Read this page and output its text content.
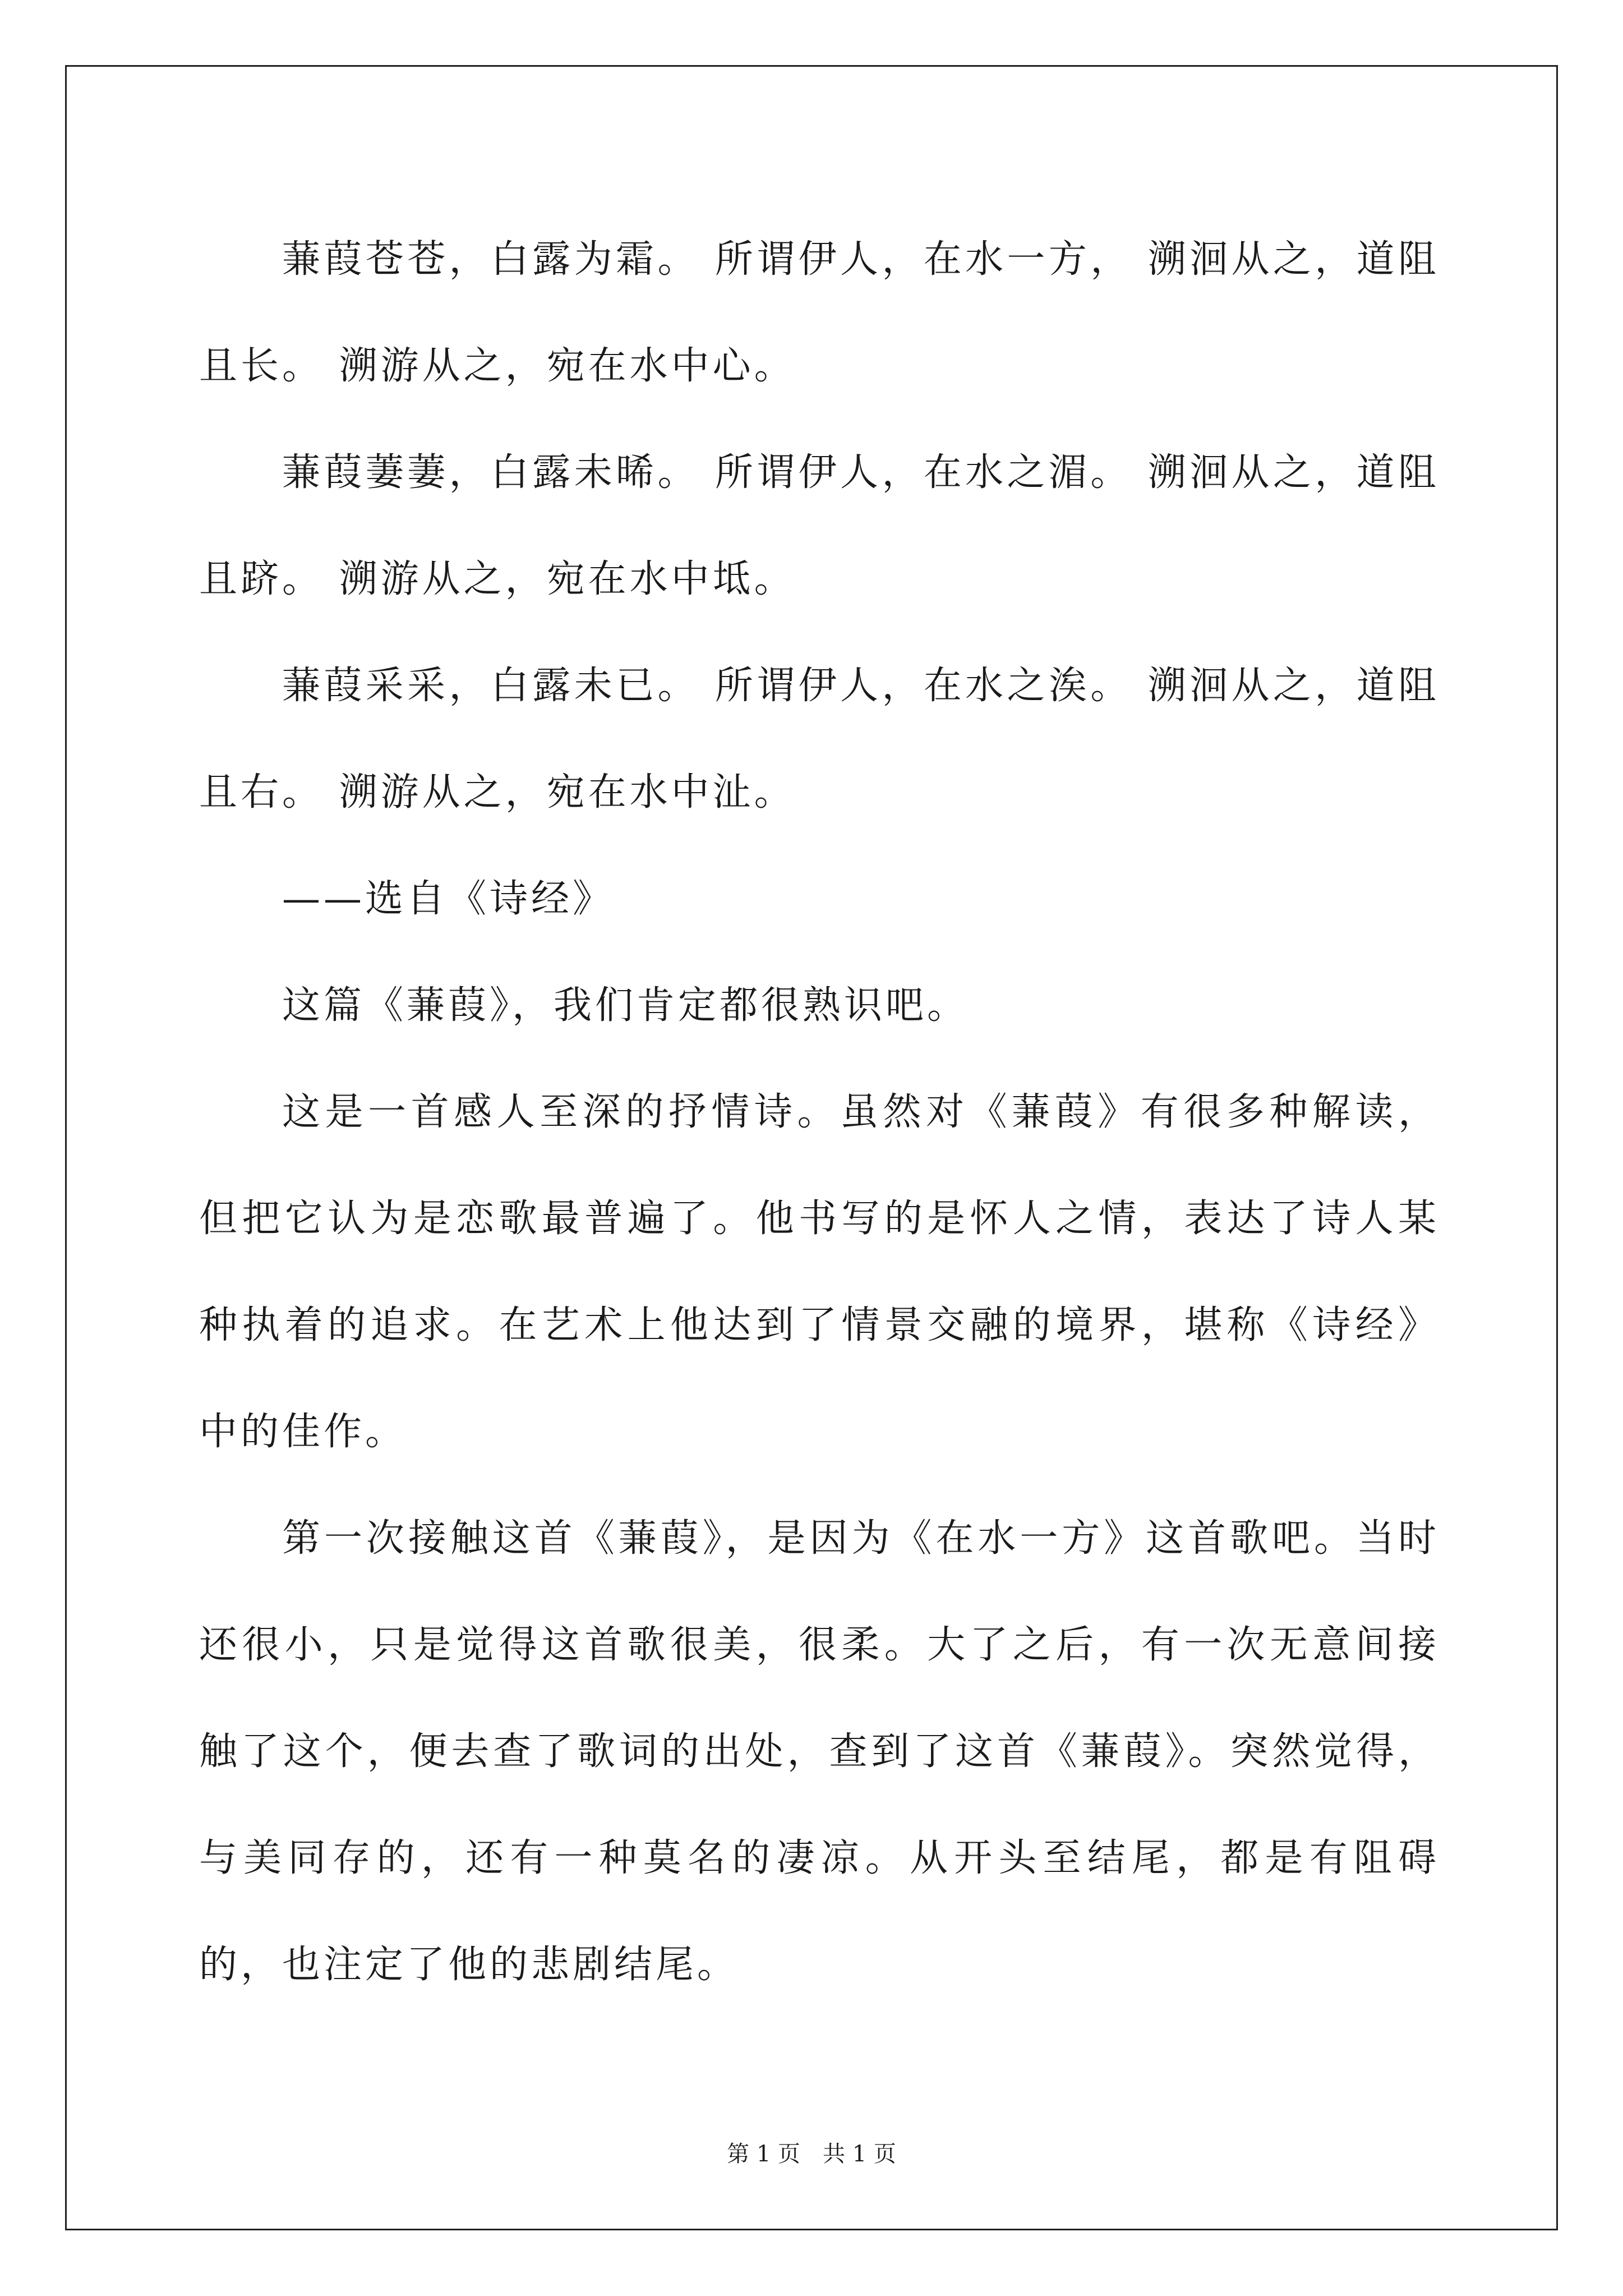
蒹葭苍苍，白露为霜。 所谓伊人，在水一方， 溯洄从之，道阻且长。 溯游从之，宛在水中心。

蒹葭萋萋，白露未晞。 所谓伊人，在水之湄。 溯洄从之，道阻且跻。 溯游从之，宛在水中坻。

蒹葭采采，白露未已。 所谓伊人，在水之涘。 溯洄从之，道阻且右。 溯游从之，宛在水中沚。

——选自《诗经》

这篇《蒹葭》，我们肯定都很熟识吧。

这是一首感人至深的抒情诗。虽然对《蒹葭》有很多种解读，但把它认为是恋歌最普遍了。他书写的是怀人之情，表达了诗人某种执着的追求。在艺术上他达到了情景交融的境界，堪称《诗经》中的佳作。

第一次接触这首《蒹葭》，是因为《在水一方》这首歌吧。当时还很小，只是觉得这首歌很美，很柔。大了之后，有一次无意间接触了这个，便去查了歌词的出处，查到了这首《蒹葭》。突然觉得，与美同存的，还有一种莫名的凄凉。从开头至结尾，都是有阻碍的，也注定了他的悲剧结尾。

第 1 页　共 1 页
